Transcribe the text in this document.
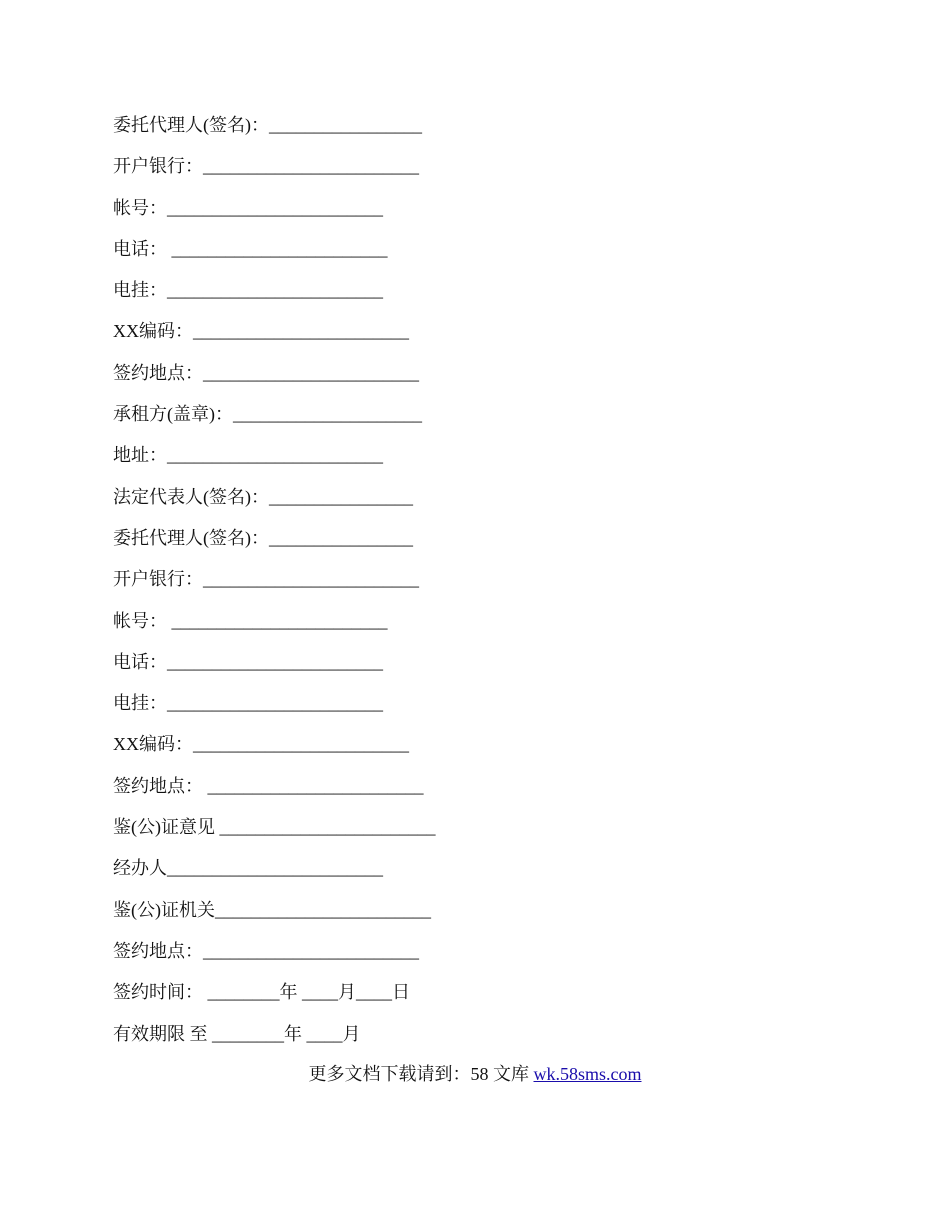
委托代理人(签名)：_________________
开户银行：________________________
帐号：________________________
电话： ________________________
电挂：________________________
XX编码：________________________
签约地点：________________________
承租方(盖章)：_____________________
地址：________________________
法定代表人(签名)：________________
委托代理人(签名)：________________
开户银行：________________________
帐号： ________________________
电话：________________________
电挂：________________________
XX编码：________________________
签约地点： ________________________
鉴(公)证意见 ________________________
经办人________________________
鉴(公)证机关________________________
签约地点：________________________
签约时间： ________年 ____月____日
有效期限 至 ________年 ____月
更多文档下载请到：58 文库 wk.58sms.com
